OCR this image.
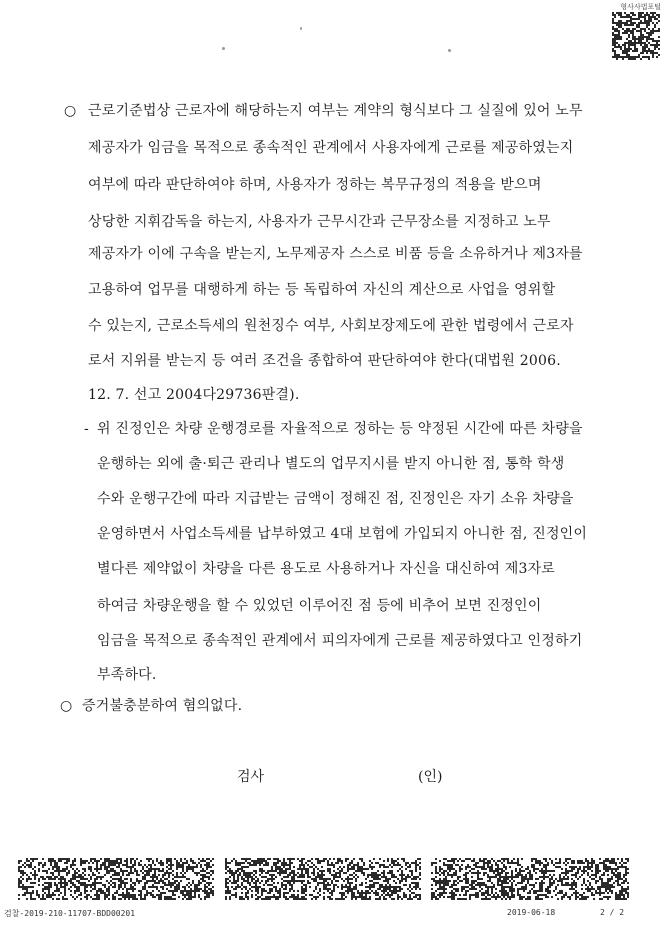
형사사법포털
○ 근로기준법상 근로자에 해당하는지 여부는 계약의 형식보다 그 실질에 있어 노무
제공자가 임금을 목적으로 종속적인 관계에서 사용자에게 근로를 제공하였는지
여부에 따라 판단하여야 하며, 사용자가 정하는 복무규정의 적용을 받으며
상당한 지휘감독을 하는지, 사용자가 근무시간과 근무장소를 지정하고 노무
제공자가 이에 구속을 받는지, 노무제공자 스스로 비품 등을 소유하거나 제3자를
고용하여 업무를 대행하게 하는 등 독립하여 자신의 계산으로 사업을 영위할
수 있는지, 근로소득세의 원천징수 여부, 사회보장제도에 관한 법령에서 근로자
로서 지위를 받는지 등 여러 조건을 종합하여 판단하여야 한다(대법원 2006.
12. 7. 선고 2004다29736판결).
- 위 진정인은 차량 운행경로를 자율적으로 정하는 등 약정된 시간에 따른 차량을
운행하는 외에 출·퇴근 관리나 별도의 업무지시를 받지 아니한 점, 통학 학생
수와 운행구간에 따라 지급받는 금액이 정해진 점, 진정인은 자기 소유 차량을
운영하면서 사업소득세를 납부하였고 4대 보험에 가입되지 아니한 점, 진정인이
별다른 제약없이 차량을 다른 용도로 사용하거나 자신을 대신하여 제3자로
하여금 차량운행을 할 수 있었던 이루어진 점 등에 비추어 보면 진정인이
임금을 목적으로 종속적인 관계에서 피의자에게 근로를 제공하였다고 인정하기
부족하다.
○ 증거불충분하여 혐의없다.
검사	(인)
검찰-2019-210-11707-BDD00201	2019-06-18	2 / 2
